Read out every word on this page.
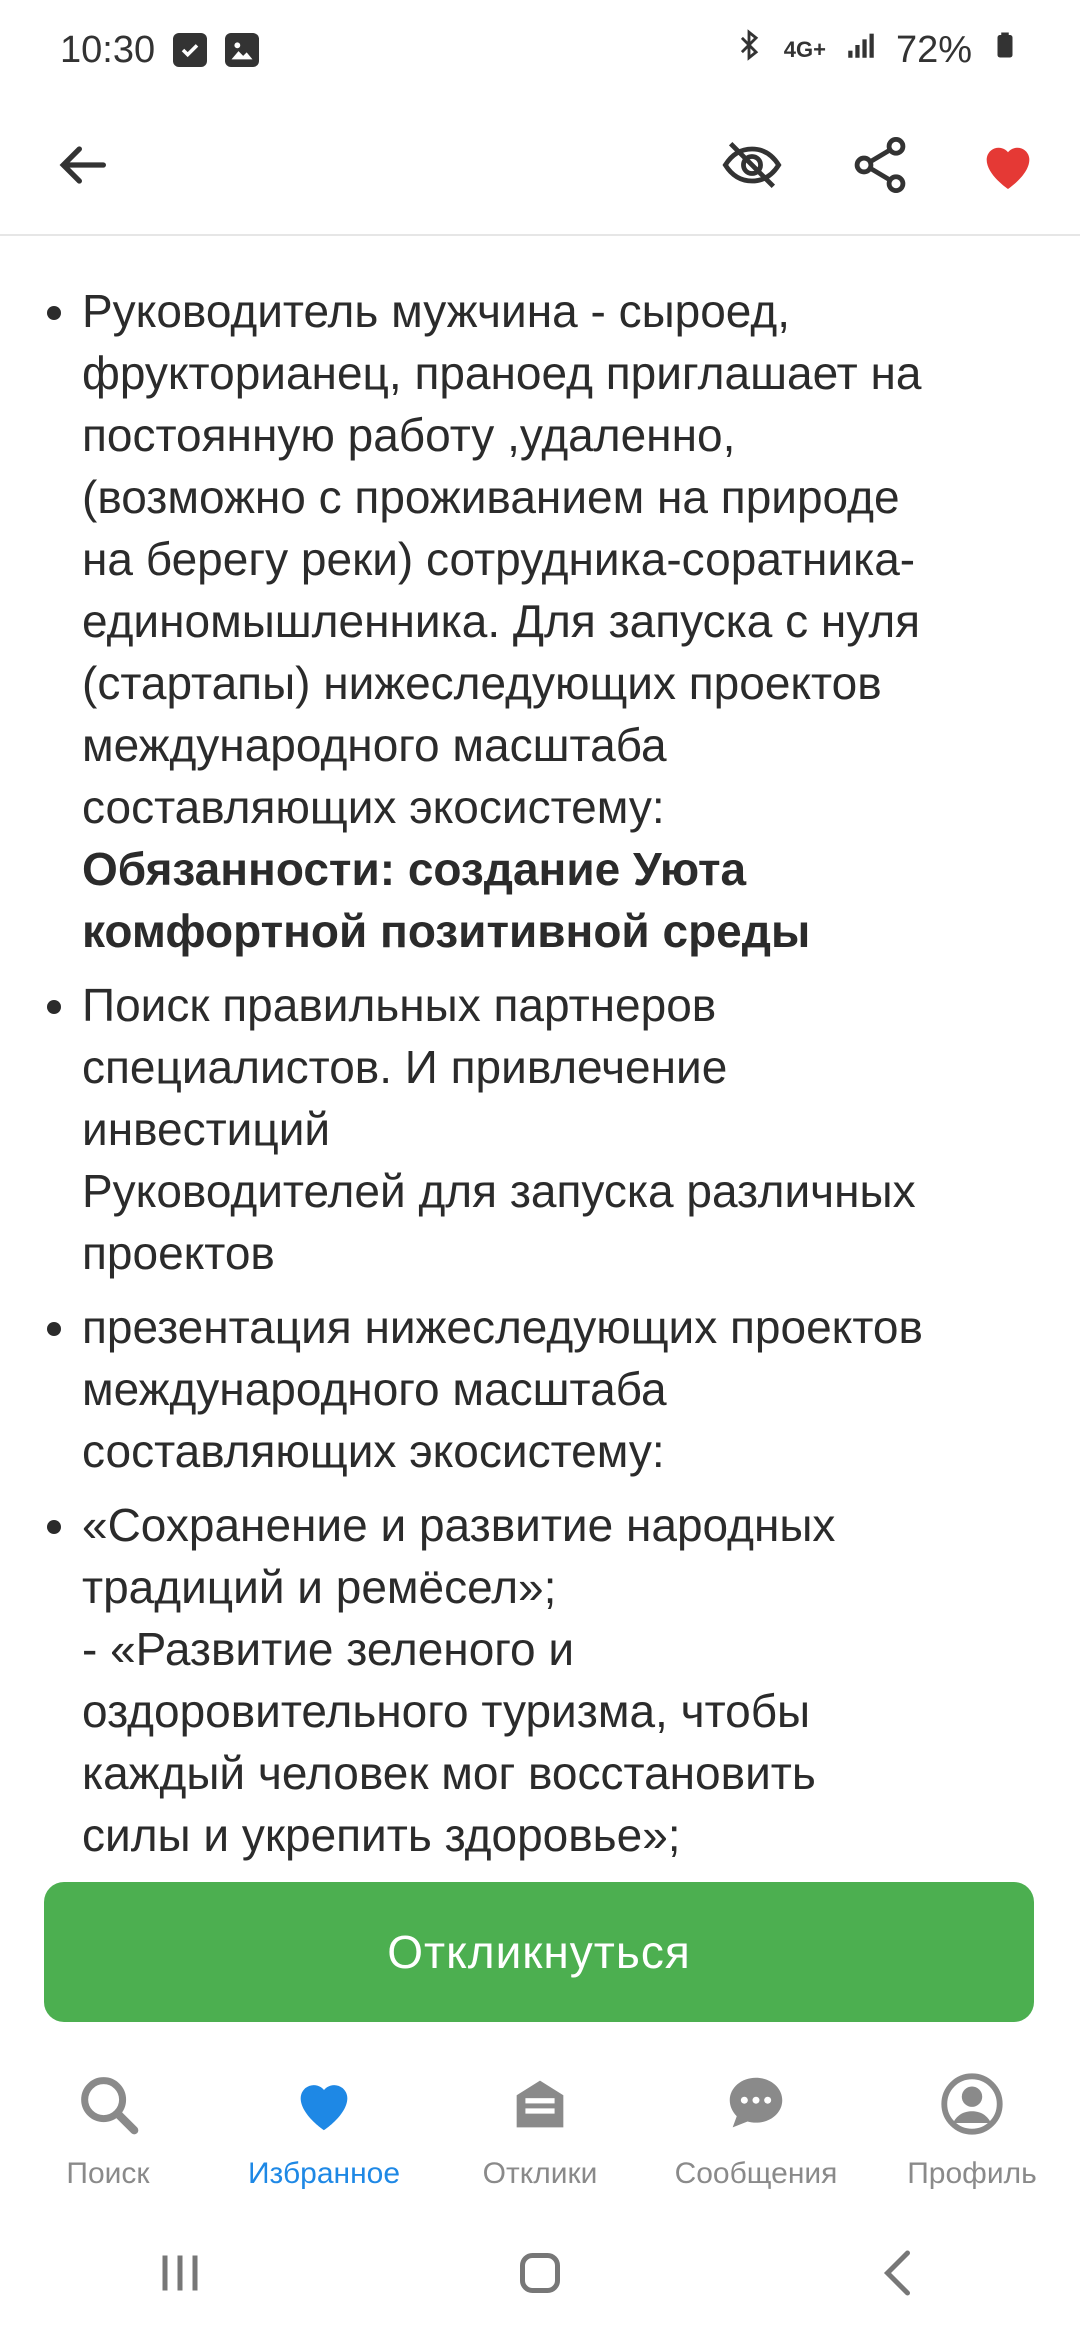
10:30	4G+ 72%
• Руководитель мужчина - сыроед,
фрукторианец, праноед приглашает на
постоянную работу ,удаленно,
(возможно с проживанием на природе
на берегу реки) сотрудника-соратника-
единомышленника. Для запуска с нуля
(стартапы) нижеследующих проектов
международного масштаба
составляющих экосистему:
Обязанности: создание Уюта
комфортной позитивной среды
• Поиск правильных партнеров
специалистов. И привлечение
инвестиций
Руководителей для запуска различных
проектов
• презентация нижеследующих проектов
международного масштаба
составляющих экосистему:
• «Сохранение и развитие народных
традиций и ремёсел»;
- «Развитие зеленого и
оздоровительного туризма, чтобы
каждый человек мог восстановить
силы и укрепить здоровье»;
Откликнуться
Поиск	Избранное	Отклики	Сообщения Профиль
